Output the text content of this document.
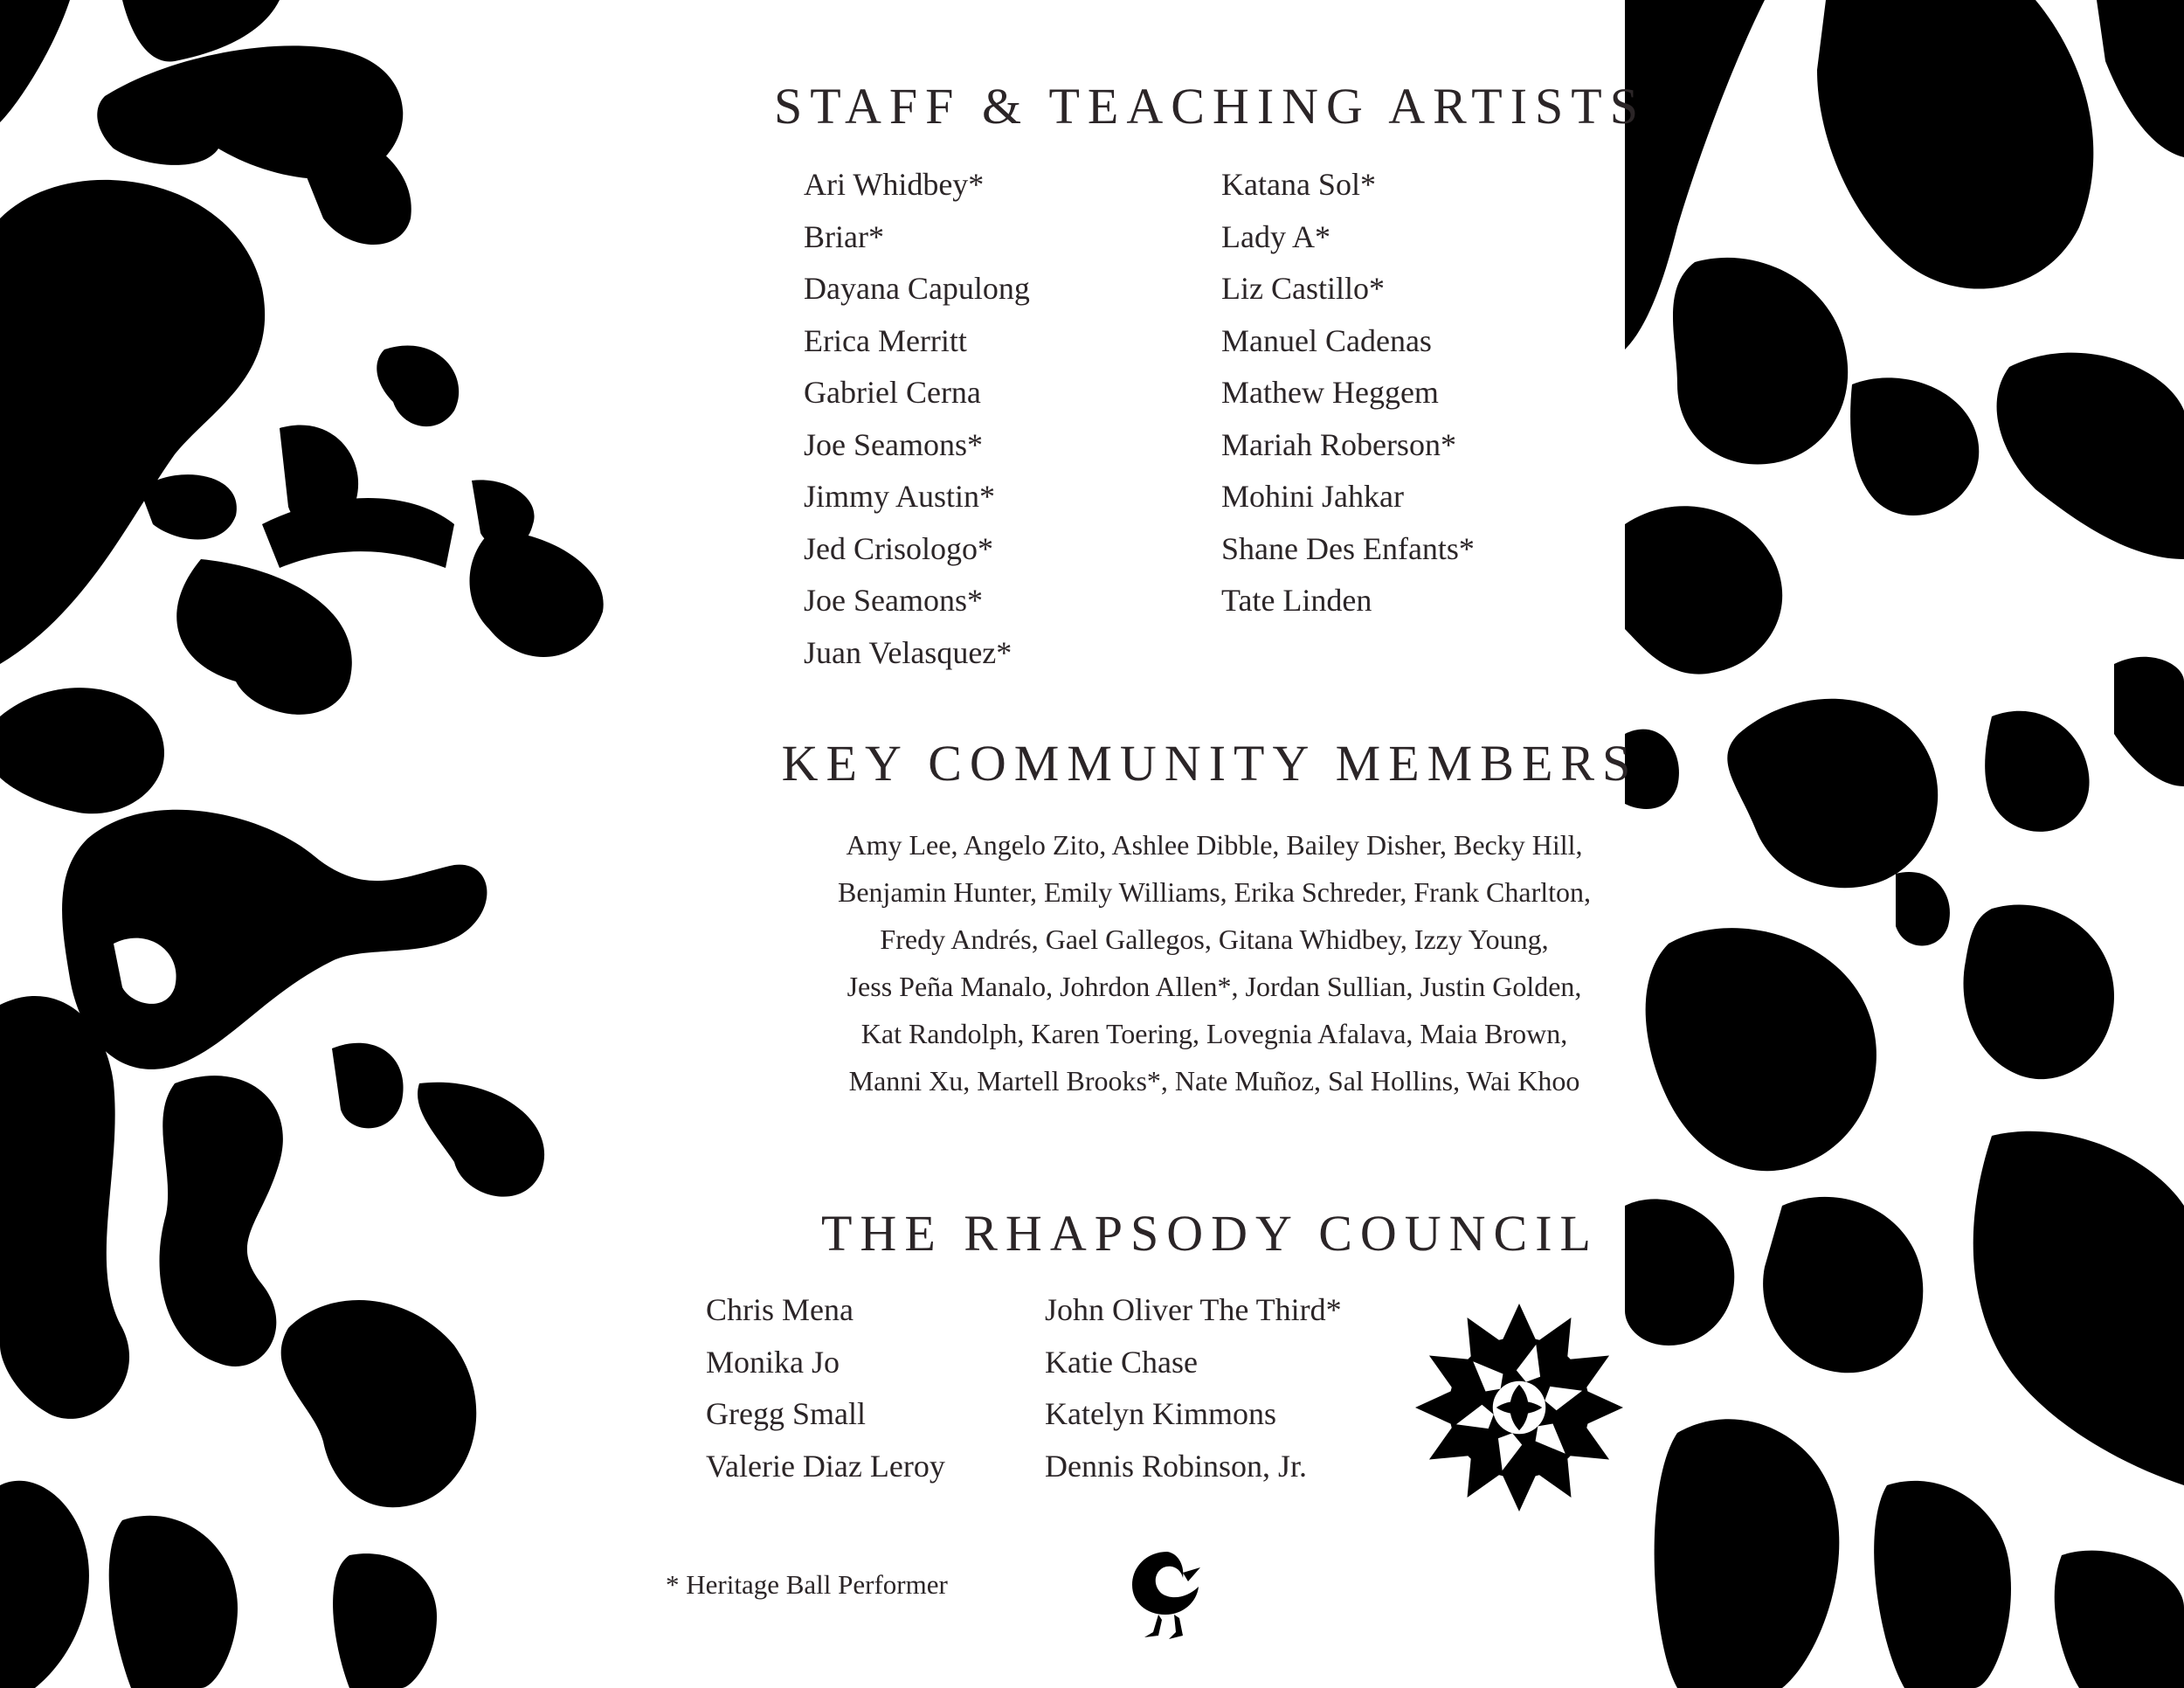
STAFF & TEACHING ARTISTS
Ari Whidbey*
Briar*
Dayana Capulong
Erica Merritt
Gabriel Cerna
Joe Seamons*
Jimmy Austin*
Jed Crisologo*
Joe Seamons*
Juan Velasquez*
Katana Sol*
Lady A*
Liz Castillo*
Manuel Cadenas
Mathew Heggem
Mariah Roberson*
Mohini Jahkar
Shane Des Enfants*
Tate Linden
KEY COMMUNITY MEMBERS
Amy Lee, Angelo Zito, Ashlee Dibble, Bailey Disher, Becky Hill,
Benjamin Hunter, Emily Williams, Erika Schreder, Frank Charlton,
Fredy Andrés, Gael Gallegos, Gitana Whidbey, Izzy Young,
Jess Peña Manalo, Johrdon Allen*, Jordan Sullian, Justin Golden,
Kat Randolph, Karen Toering, Lovegnia Afalava, Maia Brown,
Manni Xu, Martell Brooks*, Nate Muñoz, Sal Hollins, Wai Khoo
THE RHAPSODY COUNCIL
Chris Mena
Monika Jo
Gregg Small
Valerie Diaz Leroy
John Oliver The Third*
Katie Chase
Katelyn Kimmons
Dennis Robinson, Jr.
* Heritage Ball Performer
